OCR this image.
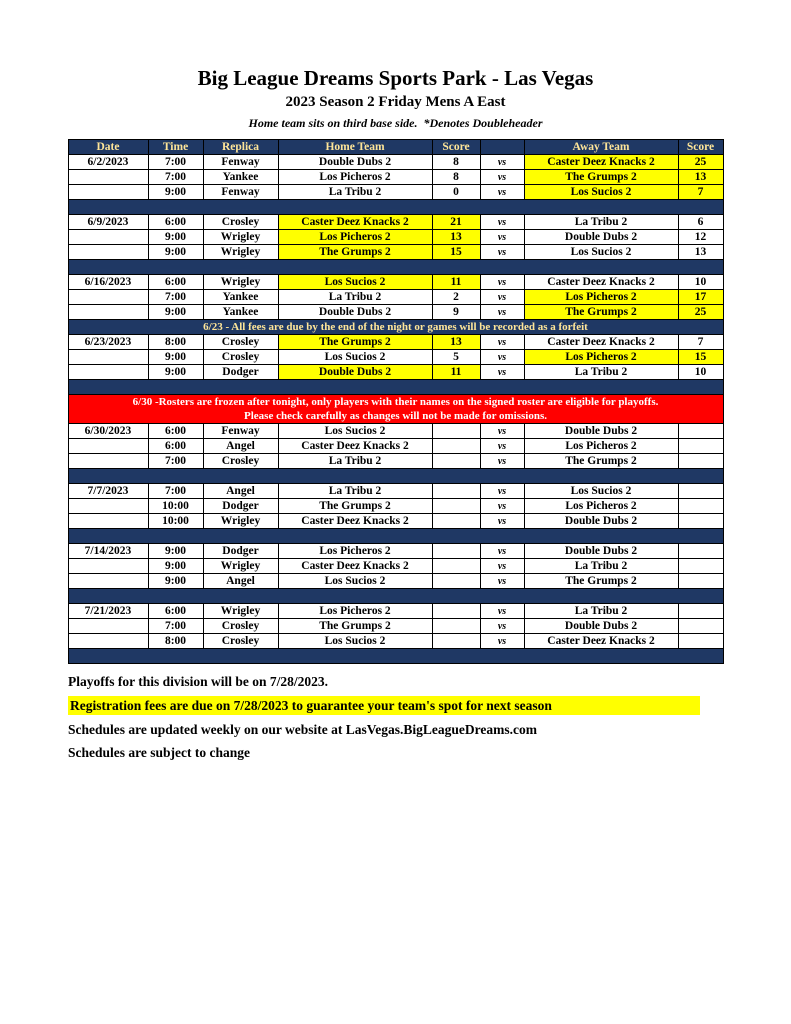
Big League Dreams Sports Park - Las Vegas
2023 Season 2 Friday Mens A East
Home team sits on third base side.  *Denotes Doubleheader
Date	Time	Replica	Home Team	Score		Away Team	Score
6/2/2023	7:00	Fenway	Double Dubs 2	8	vs	Caster Deez Knacks 2	25
	7:00	Yankee	Los Picheros 2	8	vs	The Grumps 2	13
	9:00	Fenway	La Tribu 2	0	vs	Los Sucios 2	7

6/9/2023	6:00	Crosley	Caster Deez Knacks 2	21	vs	La Tribu 2	6
	9:00	Wrigley	Los Picheros 2	13	vs	Double Dubs 2	12
	9:00	Wrigley	The Grumps 2	15	vs	Los Sucios 2	13

6/16/2023	6:00	Wrigley	Los Sucios 2	11	vs	Caster Deez Knacks 2	10
	7:00	Yankee	La Tribu 2	2	vs	Los Picheros 2	17
	9:00	Yankee	Double Dubs 2	9	vs	The Grumps 2	25
6/23 - All fees are due by the end of the night or games will be recorded as a forfeit							
6/23/2023	8:00	Crosley	The Grumps 2	13	vs	Caster Deez Knacks 2	7
	9:00	Crosley	Los Sucios 2	5	vs	Los Picheros 2	15
	9:00	Dodger	Double Dubs 2	11	vs	La Tribu 2	10

6/30 -Rosters are frozen after tonight, only players with their names on the signed roster are eligible for playoffs.
Please check carefully as changes will not be made for omissions.							

6/30/2023	6:00	Fenway	Los Sucios 2		vs	Double Dubs 2	
	6:00	Angel	Caster Deez Knacks 2		vs	Los Picheros 2	
	7:00	Crosley	La Tribu 2		vs	The Grumps 2	

7/7/2023	7:00	Angel	La Tribu 2		vs	Los Sucios 2	
	10:00	Dodger	The Grumps 2		vs	Los Picheros 2	
	10:00	Wrigley	Caster Deez Knacks 2		vs	Double Dubs 2	

7/14/2023	9:00	Dodger	Los Picheros 2		vs	Double Dubs 2	
	9:00	Wrigley	Caster Deez Knacks 2		vs	La Tribu 2	
	9:00	Angel	Los Sucios 2		vs	The Grumps 2	

7/21/2023	6:00	Wrigley	Los Picheros 2		vs	La Tribu 2	
	7:00	Crosley	The Grumps 2		vs	Double Dubs 2	
	8:00	Crosley	Los Sucios 2		vs	Caster Deez Knacks 2	

Playoffs for this division will be on 7/28/2023.
Registration fees are due on 7/28/2023 to guarantee your team's spot for next season
Schedules are updated weekly on our website at LasVegas.BigLeagueDreams.com
Schedules are subject to change
